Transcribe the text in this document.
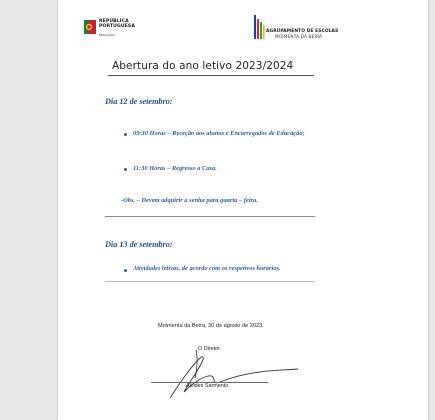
REPÚBLICA
PORTUGUESA
EDUCAÇÃO
AGRUPAMENTO DE ESCOLAS
MOIMENTA DA BEIRA
Abertura do ano letivo 2023/2024
Dia 12 de setembro:
09:30 Horas – Receção aos alunos e Encarregados de Educação;
11:30 Horas – Regresso a Casa.
-Obs. – Devem adquirir a senha para quarta – feira.
Dia 13 de setembro:
Atividades letivas, de acordo com os respetivos horários.
Moimenta da Beira, 30 de agosto de 2023.
O Diretor
Alcides Sarmento
˙
